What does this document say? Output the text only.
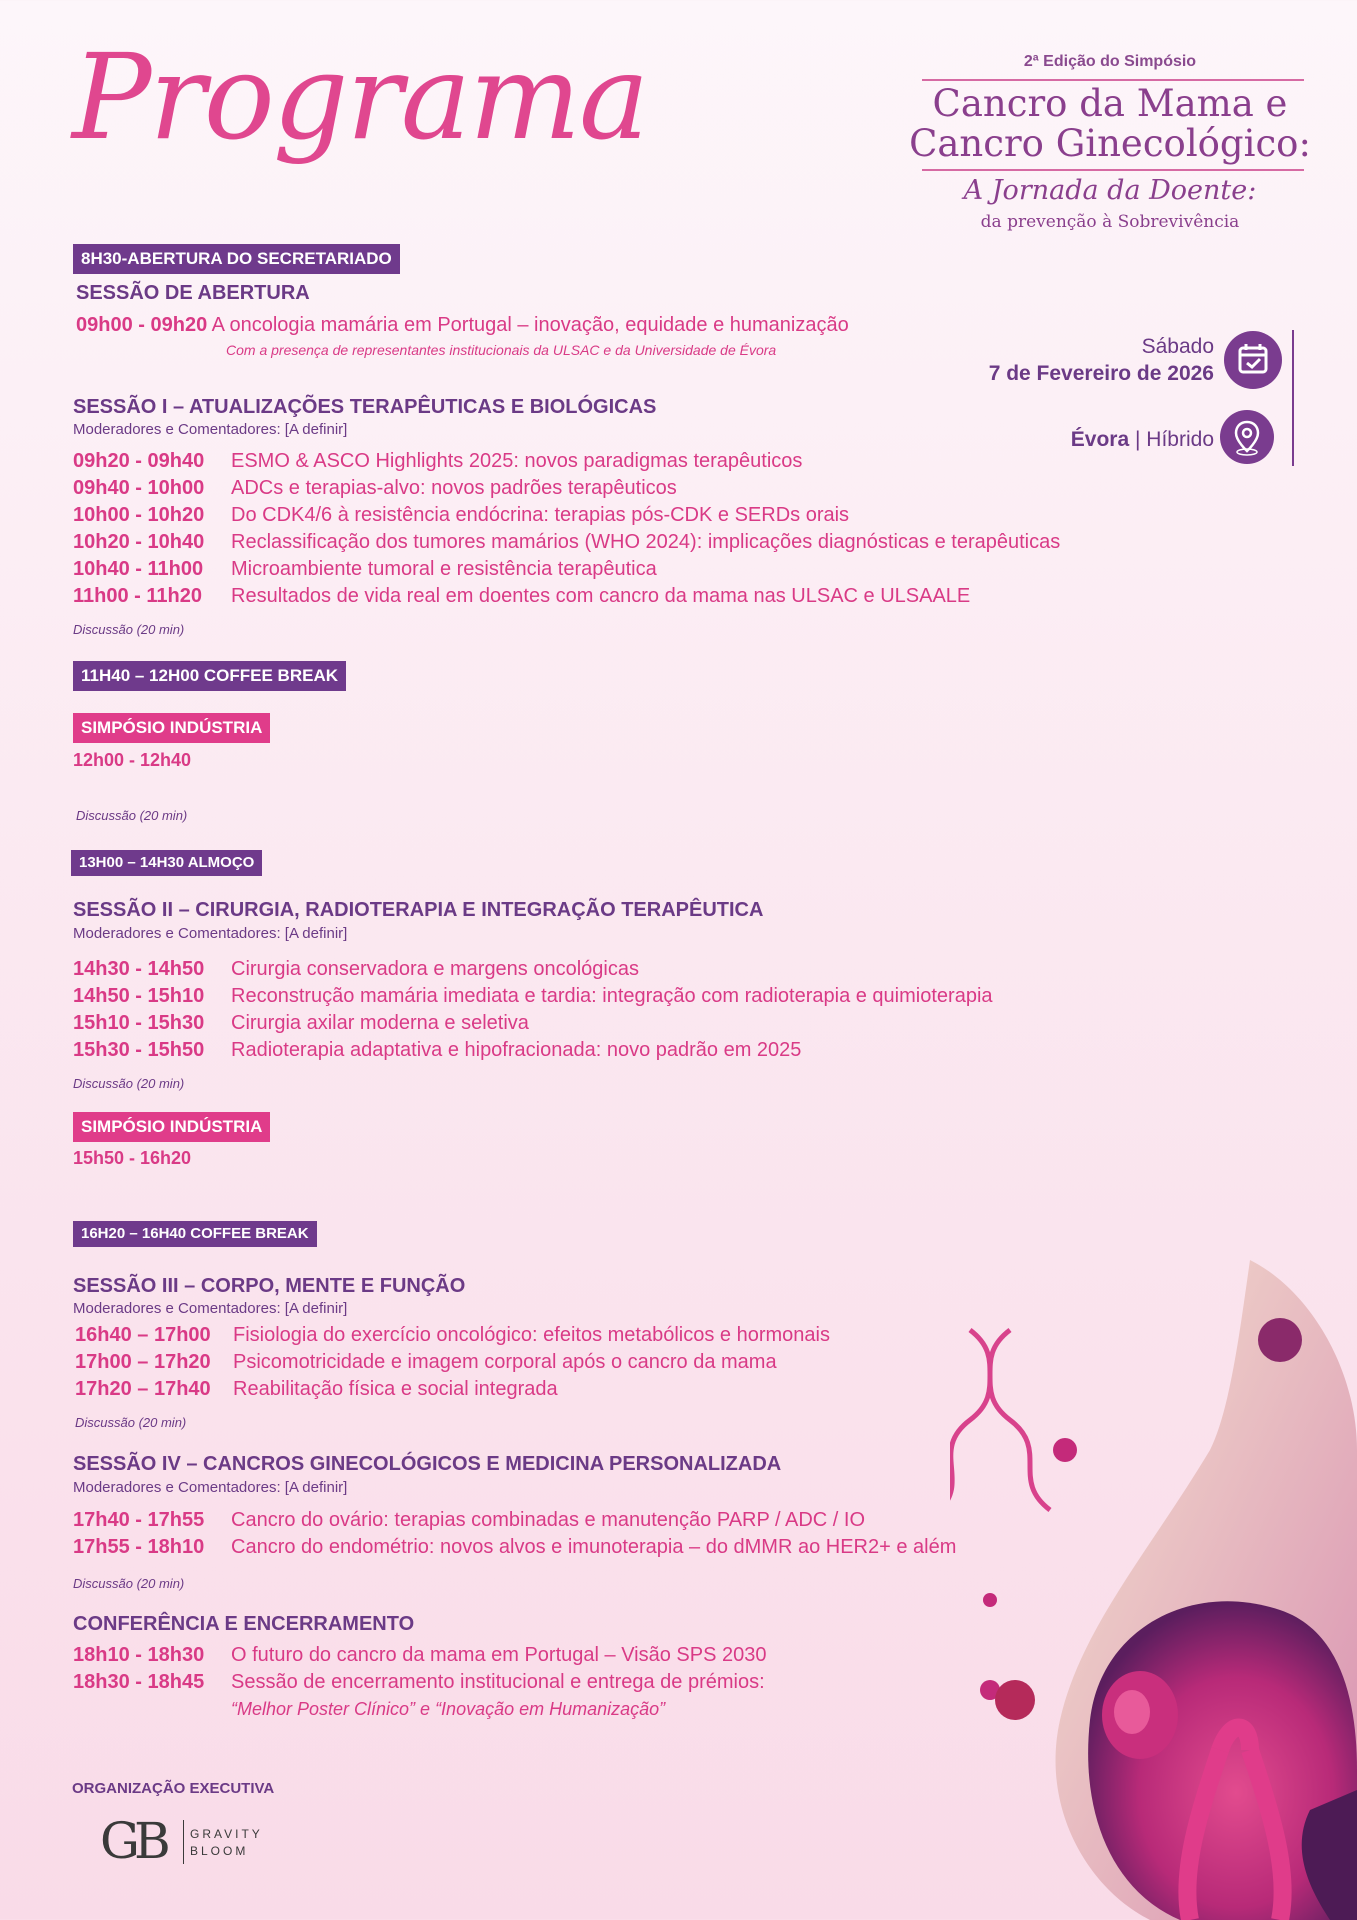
Programa	2ª Edição do Simpósio
Cancro da Mama e
Cancro Ginecológico:
A Jornada da Doente:
da prevenção à Sobrevivência
Sábado
7 de Fevereiro de 2026
Évora | Híbrido
8H30-ABERTURA DO SECRETARIADO
SESSÃO DE ABERTURA
09h00 - 09h20 A oncologia mamária em Portugal – inovação, equidade e humanização
Com a presença de representantes institucionais da ULSAC e da Universidade de Évora
SESSÃO I – ATUALIZAÇÕES TERAPÊUTICAS E BIOLÓGICAS
Moderadores e Comentadores: [A definir]
09h20 - 09h40 ESMO & ASCO Highlights 2025: novos paradigmas terapêuticos
09h40 - 10h00 ADCs e terapias-alvo: novos padrões terapêuticos
10h00 - 10h20 Do CDK4/6 à resistência endócrina: terapias pós-CDK e SERDs orais
10h20 - 10h40 Reclassificação dos tumores mamários (WHO 2024): implicações diagnósticas e terapêuticas
10h40 - 11h00 Microambiente tumoral e resistência terapêutica
11h00 - 11h20 Resultados de vida real em doentes com cancro da mama nas ULSAC e ULSAALE
Discussão (20 min)
11H40 – 12H00 COFFEE BREAK
SIMPÓSIO INDÚSTRIA
12h00 - 12h40
Discussão (20 min)
13H00 – 14H30 ALMOÇO
SESSÃO II – CIRURGIA, RADIOTERAPIA E INTEGRAÇÃO TERAPÊUTICA
Moderadores e Comentadores: [A definir]
14h30 - 14h50 Cirurgia conservadora e margens oncológicas
14h50 - 15h10 Reconstrução mamária imediata e tardia: integração com radioterapia e quimioterapia
15h10 - 15h30 Cirurgia axilar moderna e seletiva
15h30 - 15h50 Radioterapia adaptativa e hipofracionada: novo padrão em 2025
Discussão (20 min)
SIMPÓSIO INDÚSTRIA
15h50 - 16h20
16H20 – 16H40 COFFEE BREAK
SESSÃO III – CORPO, MENTE E FUNÇÃO
Moderadores e Comentadores: [A definir]
16h40 – 17h00 Fisiologia do exercício oncológico: efeitos metabólicos e hormonais
17h00 – 17h20 Psicomotricidade e imagem corporal após o cancro da mama
17h20 – 17h40 Reabilitação física e social integrada
Discussão (20 min)
SESSÃO IV – CANCROS GINECOLÓGICOS E MEDICINA PERSONALIZADA
Moderadores e Comentadores: [A definir]
17h40 - 17h55 Cancro do ovário: terapias combinadas e manutenção PARP / ADC / IO
17h55 - 18h10 Cancro do endométrio: novos alvos e imunoterapia – do dMMR ao HER2+ e além
Discussão (20 min)
CONFERÊNCIA E ENCERRAMENTO
18h10 - 18h30 O futuro do cancro da mama em Portugal – Visão SPS 2030
18h30 - 18h45 Sessão de encerramento institucional e entrega de prémios:
“Melhor Poster Clínico” e “Inovação em Humanização”
ORGANIZAÇÃO EXECUTIVA
GB GRAVITY
BLOOM
